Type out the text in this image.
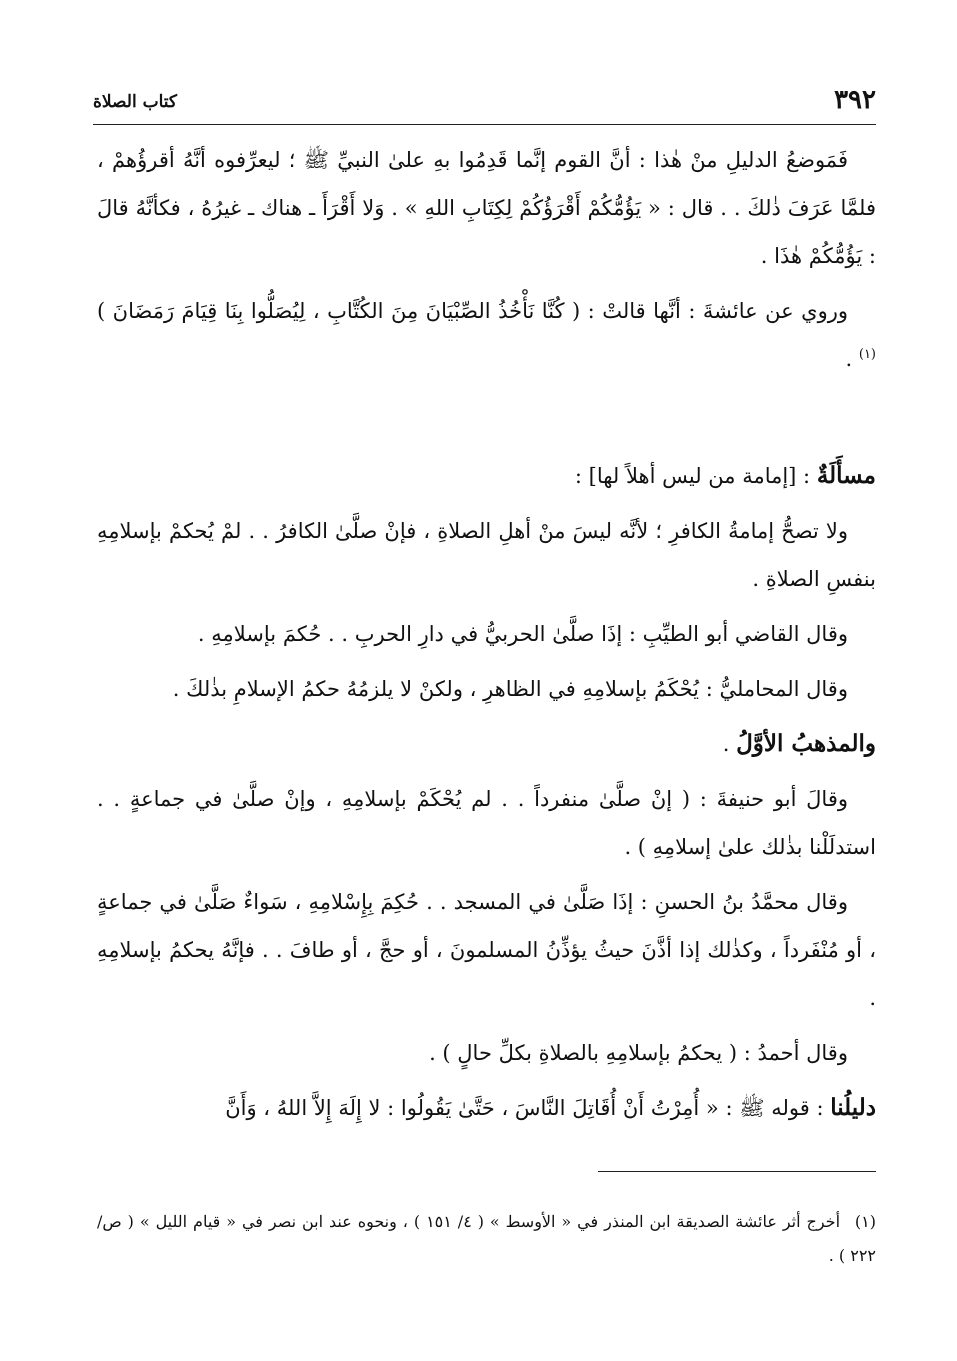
٣٩٢
كتاب الصلاة

فَمَوضعُ الدليلِ منْ هٰذا : أنَّ القوم إنَّما قَدِمُوا بهِ علىٰ النبيِّ ﷺ ؛ ليعرِّفوه أنَّهُ أقرؤُهمْ ، فلمَّا عَرَفَ ذٰلكَ . . قال : « يَؤُمُّكُمْ أَقْرَؤُكُمْ لِكِتَابِ اللهِ » . وَلا أَقْرَأَ ـ هناك ـ غيرُهُ ، فكأنَّهُ قالَ : يَؤُمُّكُمْ هٰذَا .

وروي عن عائشةَ : أنَّها قالتْ : ( كُنَّا نَأْخُذُ الصِّبْيَانَ مِنَ الكُتَّابِ ، لِيُصَلُّوا بِنَا قِيَامَ رَمَضَانَ )$^{(١)}$ .

مسأَلَةٌ : [إمامة من ليس أهلاً لها] :

ولا تصحُّ إمامةُ الكافرِ ؛ لأنَّه ليسَ منْ أهلِ الصلاةِ ، فإنْ صلَّىٰ الكافرُ . . لمْ يُحكمْ بإسلامِهِ بنفسِ الصلاةِ .

وقال القاضي أبو الطيِّبِ : إذَا صلَّىٰ الحربيُّ في دارِ الحربِ . . حُكمَ بإسلامِهِ .

وقال المحامليُّ : يُحْكَمُ بإسلامِهِ في الظاهرِ ، ولكنْ لا يلزمُهُ حكمُ الإسلامِ بذٰلكَ .

والمذهبُ الأوَّلُ .

وقالَ أبو حنيفةَ : ( إنْ صلَّىٰ منفرداً . . لم يُحْكَمْ بإسلامِهِ ، وإنْ صلَّىٰ في جماعةٍ . . استدلَلْنا بذٰلك علىٰ إسلامِهِ ) .

وقال محمَّدُ بنُ الحسنِ : إذَا صَلَّىٰ في المسجد . . حُكِمَ بِإِسْلامِهِ ، سَواءٌ صَلَّىٰ في جماعةٍ ، أو مُنْفَرداً ، وكذٰلك إذا أذَّنَ حيثُ يؤذِّنُ المسلمونَ ، أو حجَّ ، أو طافَ . . فإنَّهُ يحكمُ بإسلامِهِ .

وقال أحمدُ : ( يحكمُ بإسلامِهِ بالصلاةِ بكلِّ حالٍ ) .

دليلُنا : قوله ﷺ : « أُمِرْتُ أَنْ أُقَاتِلَ النَّاسَ ، حَتَّىٰ يَقُولُوا : لا إِلَهَ إِلاَّ اللهُ ، وَأَنَّ

(١)أخرج أثر عائشة الصديقة ابن المنذر في « الأوسط » ( ٤/ ١٥١ ) ، ونحوه عند ابن نصر في « قيام الليل » ( ص/ ٢٢٢ ) .
